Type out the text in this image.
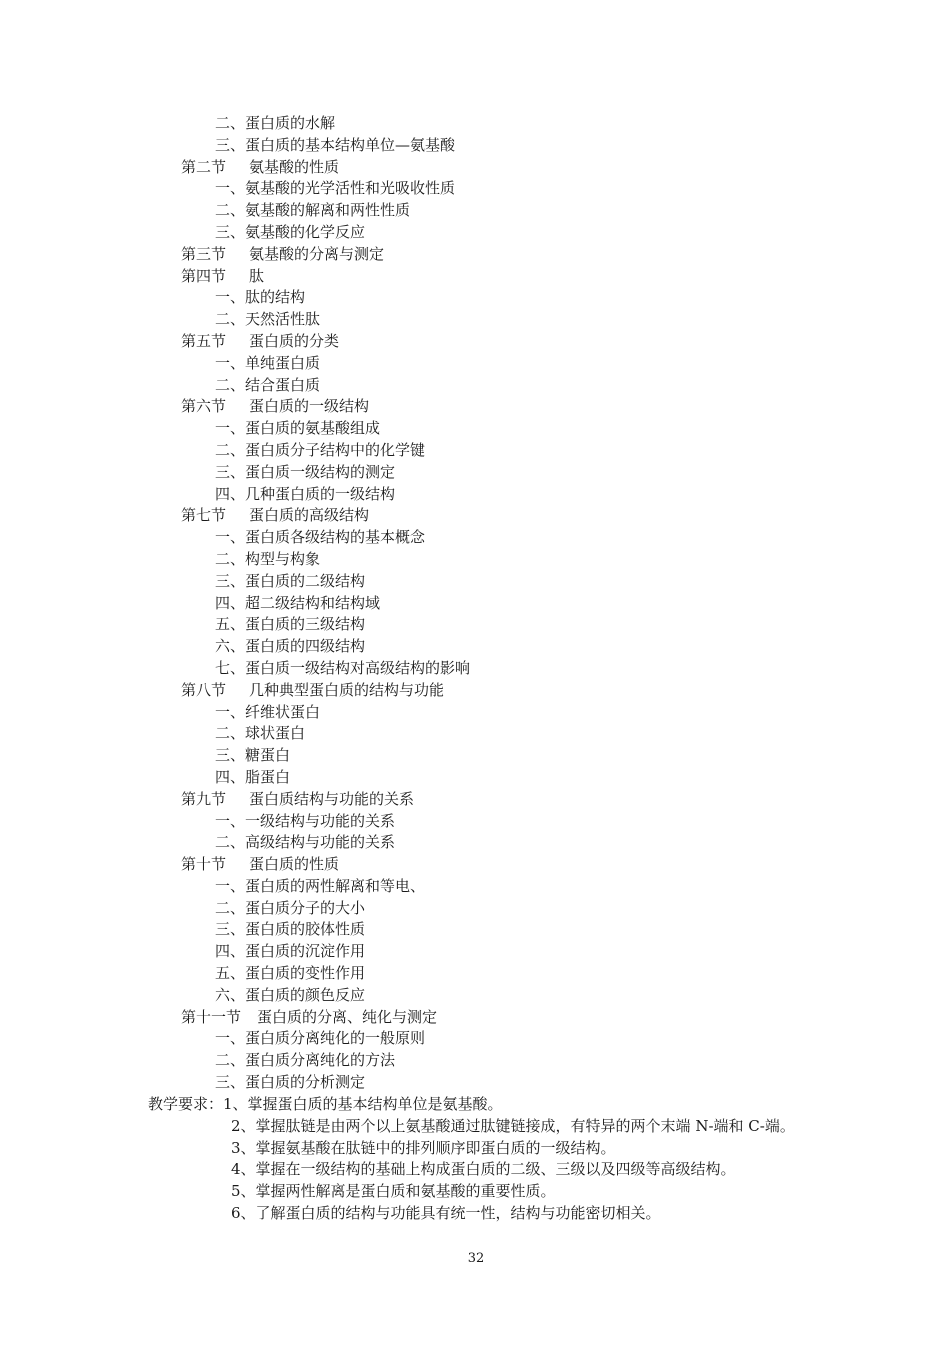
二、蛋白质的水解
三、蛋白质的基本结构单位—氨基酸
第二节 氨基酸的性质
一、氨基酸的光学活性和光吸收性质
二、氨基酸的解离和两性性质
三、氨基酸的化学反应
第三节 氨基酸的分离与测定
第四节 肽
一、肽的结构
二、天然活性肽
第五节 蛋白质的分类
一、单纯蛋白质
二、结合蛋白质
第六节 蛋白质的一级结构
一、蛋白质的氨基酸组成
二、蛋白质分子结构中的化学键
三、蛋白质一级结构的测定
四、几种蛋白质的一级结构
第七节 蛋白质的高级结构
一、蛋白质各级结构的基本概念
二、构型与构象
三、蛋白质的二级结构
四、超二级结构和结构域
五、蛋白质的三级结构
六、蛋白质的四级结构
七、蛋白质一级结构对高级结构的影响
第八节 几种典型蛋白质的结构与功能
一、纤维状蛋白
二、球状蛋白
三、糖蛋白
四、脂蛋白
第九节 蛋白质结构与功能的关系
一、一级结构与功能的关系
二、高级结构与功能的关系
第十节 蛋白质的性质
一、蛋白质的两性解离和等电、
二、蛋白质分子的大小
三、蛋白质的胶体性质
四、蛋白质的沉淀作用
五、蛋白质的变性作用
六、蛋白质的颜色反应
第十一节 蛋白质的分离、纯化与测定
一、蛋白质分离纯化的一般原则
二、蛋白质分离纯化的方法
三、蛋白质的分析测定
教学要求：1、掌握蛋白质的基本结构单位是氨基酸。
2、掌握肽链是由两个以上氨基酸通过肽键链接成，有特异的两个末端 N-端和 C-端。
3、掌握氨基酸在肽链中的排列顺序即蛋白质的一级结构。
4、掌握在一级结构的基础上构成蛋白质的二级、三级以及四级等高级结构。
5、掌握两性解离是蛋白质和氨基酸的重要性质。
6、了解蛋白质的结构与功能具有统一性，结构与功能密切相关。
32
